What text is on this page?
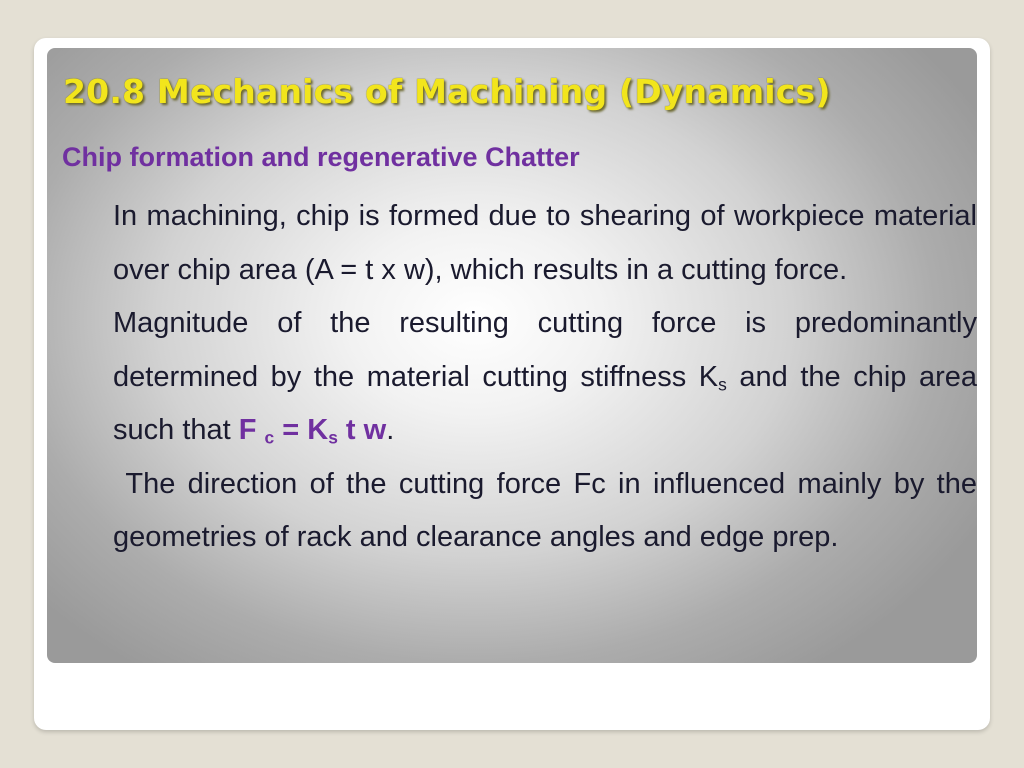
20.8 Mechanics of Machining (Dynamics)
Chip formation and regenerative Chatter

In machining, chip is formed due to shearing of workpiece material over chip area (A = t x w), which results in a cutting force.

Magnitude of the resulting cutting force is predominantly determined by the material cutting stiffness $K_s$ and the chip area such that F $_c = K_s$ t w.

The direction of the cutting force Fc in influenced mainly by the geometries of rack and clearance angles and edge prep.
